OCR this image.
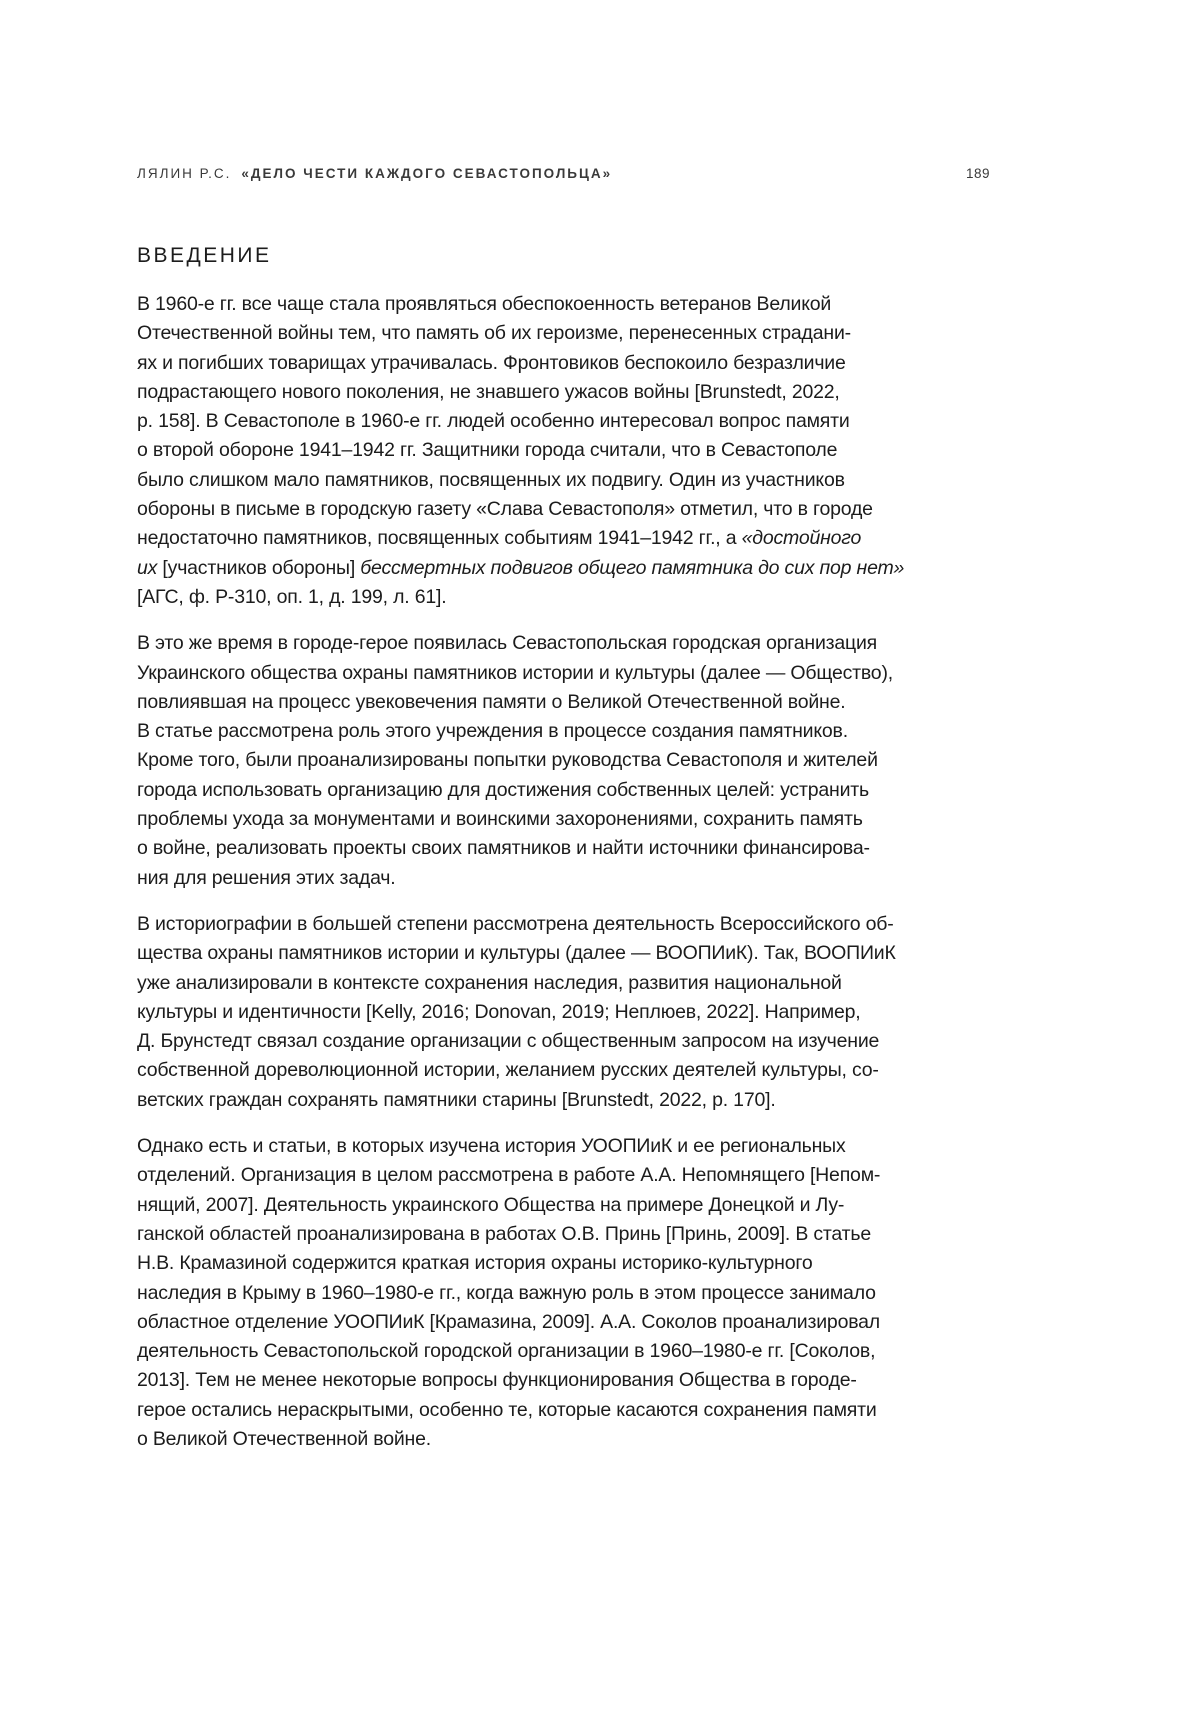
ЛЯЛИН Р.С. «ДЕЛО ЧЕСТИ КАЖДОГО СЕВАСТОПОЛЬЦА»	189
ВВЕДЕНИЕ

В 1960-е гг. все чаще стала проявляться обеспокоенность ветеранов Великой
Отечественной войны тем, что память об их героизме, перенесенных страдани-
ях и погибших товарищах утрачивалась. Фронтовиков беспокоило безразличие
подрастающего нового поколения, не знавшего ужасов войны [Brunstedt, 2022,
p. 158]. В Севастополе в 1960-е гг. людей особенно интересовал вопрос памяти
о второй обороне 1941–1942 гг. Защитники города считали, что в Севастополе
было слишком мало памятников, посвященных их подвигу. Один из участников
обороны в письме в городскую газету «Слава Севастополя» отметил, что в городе
недостаточно памятников, посвященных событиям 1941–1942 гг., а «достойного
их [участников обороны] бессмертных подвигов общего памятника до сих пор нет»
[АГС, ф. Р-310, оп. 1, д. 199, л. 61].

В это же время в городе-герое появилась Севастопольская городская организация
Украинского общества охраны памятников истории и культуры (далее — Общество),
повлиявшая на процесс увековечения памяти о Великой Отечественной войне.
В статье рассмотрена роль этого учреждения в процессе создания памятников.
Кроме того, были проанализированы попытки руководства Севастополя и жителей
города использовать организацию для достижения собственных целей: устранить
проблемы ухода за монументами и воинскими захоронениями, сохранить память
о войне, реализовать проекты своих памятников и найти источники финансирова-
ния для решения этих задач.

В историографии в большей степени рассмотрена деятельность Всероссийского об-
щества охраны памятников истории и культуры (далее — ВООПИиК). Так, ВООПИиК
уже анализировали в контексте сохранения наследия, развития национальной
культуры и идентичности [Kelly, 2016; Donovan, 2019; Неплюев, 2022]. Например,
Д. Брунстедт связал создание организации с общественным запросом на изучение
собственной дореволюционной истории, желанием русских деятелей культуры, со-
ветских граждан сохранять памятники старины [Brunstedt, 2022, p. 170].

Однако есть и статьи, в которых изучена история УООПИиК и ее региональных
отделений. Организация в целом рассмотрена в работе А.А. Непомнящего [Непом-
нящий, 2007]. Деятельность украинского Общества на примере Донецкой и Лу-
ганской областей проанализирована в работах О.В. Принь [Принь, 2009]. В статье
Н.В. Крамазиной содержится краткая история охраны историко-культурного
наследия в Крыму в 1960–1980-е гг., когда важную роль в этом процессе занимало
областное отделение УООПИиК [Крамазина, 2009]. А.А. Соколов проанализировал
деятельность Севастопольской городской организации в 1960–1980-е гг. [Соколов,
2013]. Тем не менее некоторые вопросы функционирования Общества в городе-
герое остались нераскрытыми, особенно те, которые касаются сохранения памяти
о Великой Отечественной войне.
